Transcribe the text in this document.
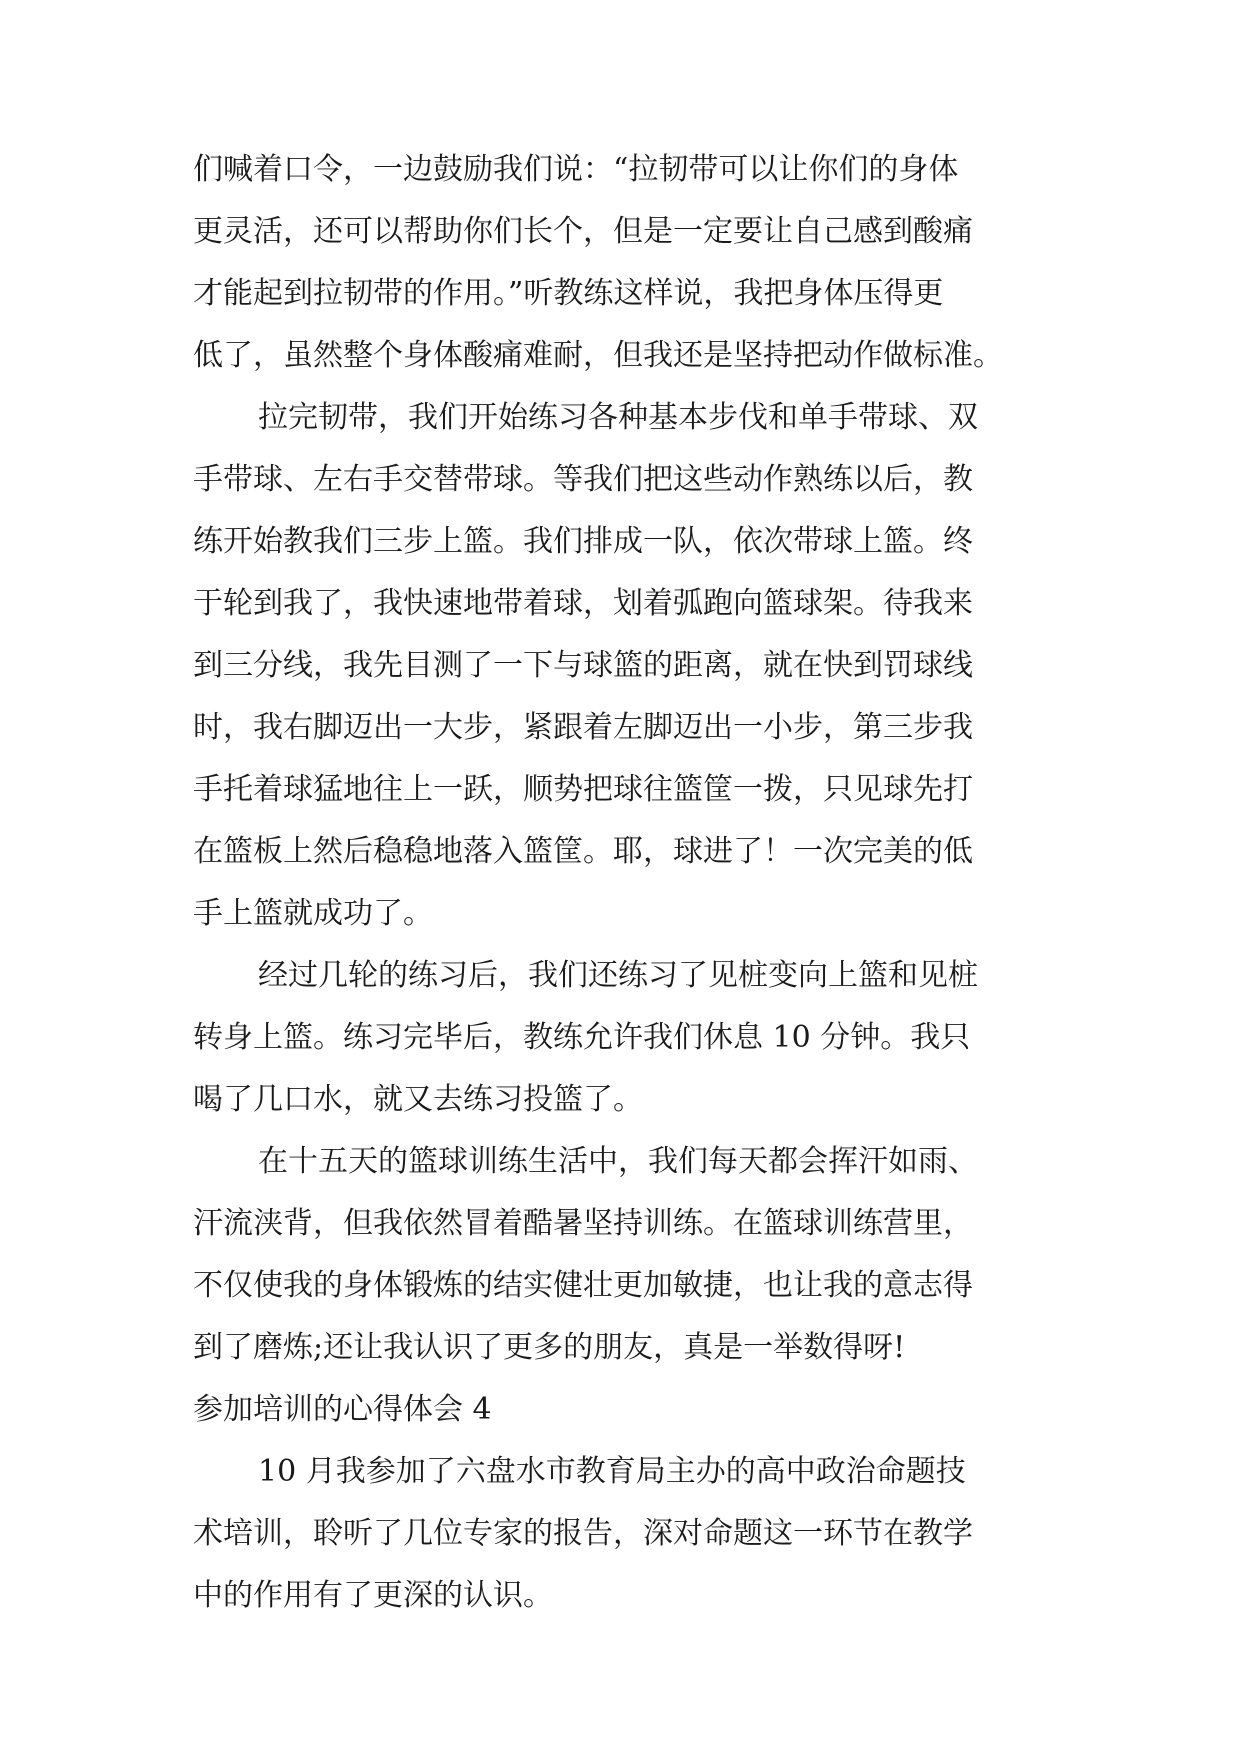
们喊着口令，一边鼓励我们说：“拉韧带可以让你们的身体
更灵活，还可以帮助你们长个，但是一定要让自己感到酸痛
才能起到拉韧带的作用。”听教练这样说，我把身体压得更
低了，虽然整个身体酸痛难耐，但我还是坚持把动作做标准。
拉完韧带，我们开始练习各种基本步伐和单手带球、双
手带球、左右手交替带球。等我们把这些动作熟练以后，教
练开始教我们三步上篮。我们排成一队，依次带球上篮。终
于轮到我了，我快速地带着球，划着弧跑向篮球架。待我来
到三分线，我先目测了一下与球篮的距离，就在快到罚球线
时，我右脚迈出一大步，紧跟着左脚迈出一小步，第三步我
手托着球猛地往上一跃，顺势把球往篮筐一拨，只见球先打
在篮板上然后稳稳地落入篮筐。耶，球进了！一次完美的低
手上篮就成功了。
经过几轮的练习后，我们还练习了见桩变向上篮和见桩
转身上篮。练习完毕后，教练允许我们休息 10 分钟。我只
喝了几口水，就又去练习投篮了。
在十五天的篮球训练生活中，我们每天都会挥汗如雨、
汗流浃背，但我依然冒着酷暑坚持训练。在篮球训练营里，
不仅使我的身体锻炼的结实健壮更加敏捷，也让我的意志得
到了磨炼;还让我认识了更多的朋友，真是一举数得呀!
参加培训的心得体会 4
10 月我参加了六盘水市教育局主办的高中政治命题技
术培训，聆听了几位专家的报告，深对命题这一环节在教学
中的作用有了更深的认识。
